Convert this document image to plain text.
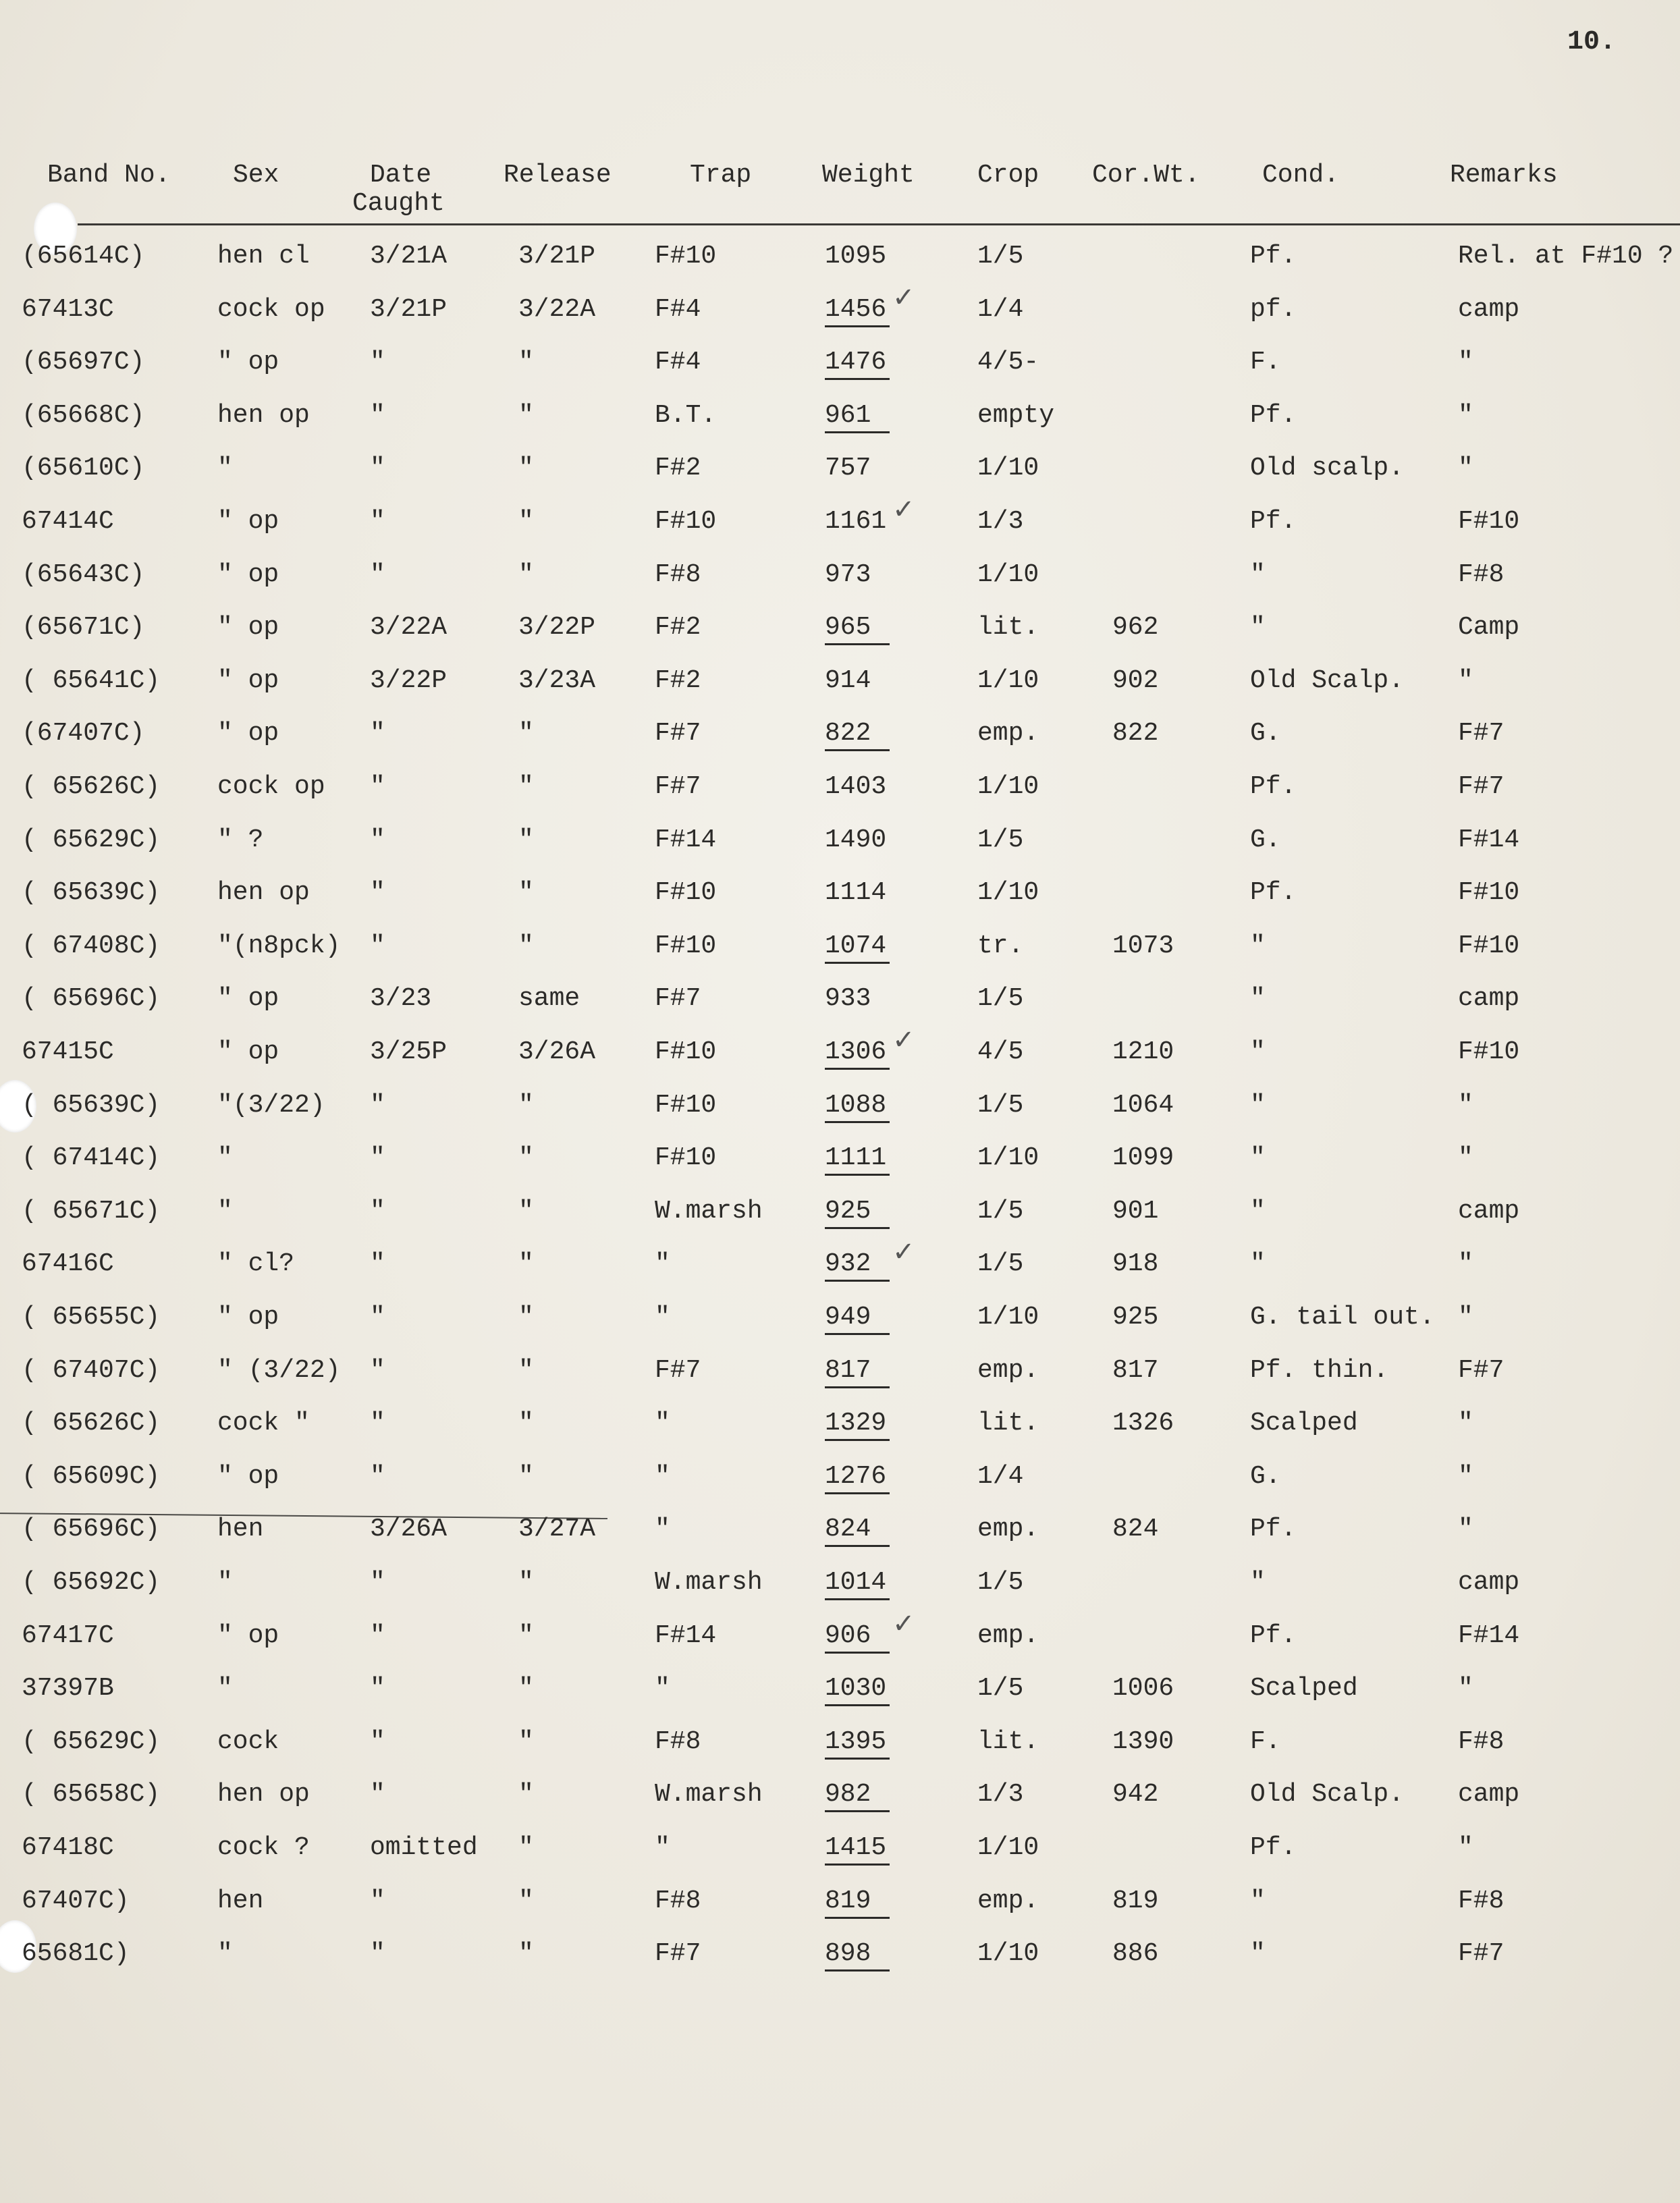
10.
Band No. Sex	Date
Caught
Release	Trap	Weight Crop Cor.Wt. Cond.	Remarks
(65614C)	hen cl 3/21A	3/21P F#10	1095	1/5	Pf.	Rel. at F#10 ?
67413C	cock op 3/21P	3/22A F#4	1456	1/4	pf.	camp
✓
(65697C)	" op	"	"	F#4	1476	4/5-	F.	"
(65668C)	hen op "	"	B.T.	961	empty	Pf.	"
(65610C)	"	"	"	F#2	757	1/10	Old scalp. "
67414C	" op	"	"	F#10	1161	1/3	Pf.	F#10
✓
(65643C)	" op	"	"	F#8	973	1/10	"	F#8
(65671C)	" op	3/22A	3/22P F#2	965	lit.	962	"	Camp
( 65641C) " op	3/22P	3/23A F#2	914	1/10	902	Old Scalp. "
(67407C)	" op	"	"	F#7	822	emp.	822	G.	F#7
( 65626C) cock op "	"	F#7	1403	1/10	Pf.	F#7
( 65629C) " ?	"	"	F#14	1490	1/5	G.	F#14
( 65639C) hen op "	"	F#10	1114	1/10	Pf.	F#10
( 67408C) "(n8pck) "	"	F#10	1074	tr.	1073	"	F#10
( 65696C) " op	3/23	same	F#7	933	1/5	"	camp
67415C	" op	3/25P	3/26A F#10	1306	4/5	1210	"	F#10
✓
( 65639C) "(3/22) "	"	F#10	1088	1/5	1064	"	"
( 67414C) "	"	"	F#10	1111	1/10	1099	"	"
( 65671C) "	"	"	W.marsh 925	1/5	901	"	camp
67416C	" cl?	"	"	"	932	1/5	918	"	"
✓
( 65655C) " op	"	"	"	949	1/10	925	G. tail out. "
( 67407C) " (3/22) "	"	F#7	817	emp.	817	Pf. thin.	F#7
( 65626C) cock " "	"	"	1329	lit.	1326	Scalped	"
( 65609C) " op	"	"	"	1276	1/4	G.	"
( 65696C) hen	3/26A	3/27A "	824	emp.	824	Pf.	"
( 65692C) "	"	"	W.marsh 1014	1/5	"	camp
67417C	" op	"	"	F#14	906	emp.	Pf.	F#14
✓
37397B	"	"	"	"	1030	1/5	1006	Scalped	"
( 65629C) cock	"	"	F#8	1395	lit.	1390	F.	F#8
( 65658C) hen op "	"	W.marsh 982	1/3	942	Old Scalp. camp
67418C	cock ? omitted "	"	1415	1/10	Pf.	"
67407C)	hen	"	"	F#8	819	emp.	819	"	F#8
65681C)	"	"	"	F#7	898	1/10	886	"	F#7
